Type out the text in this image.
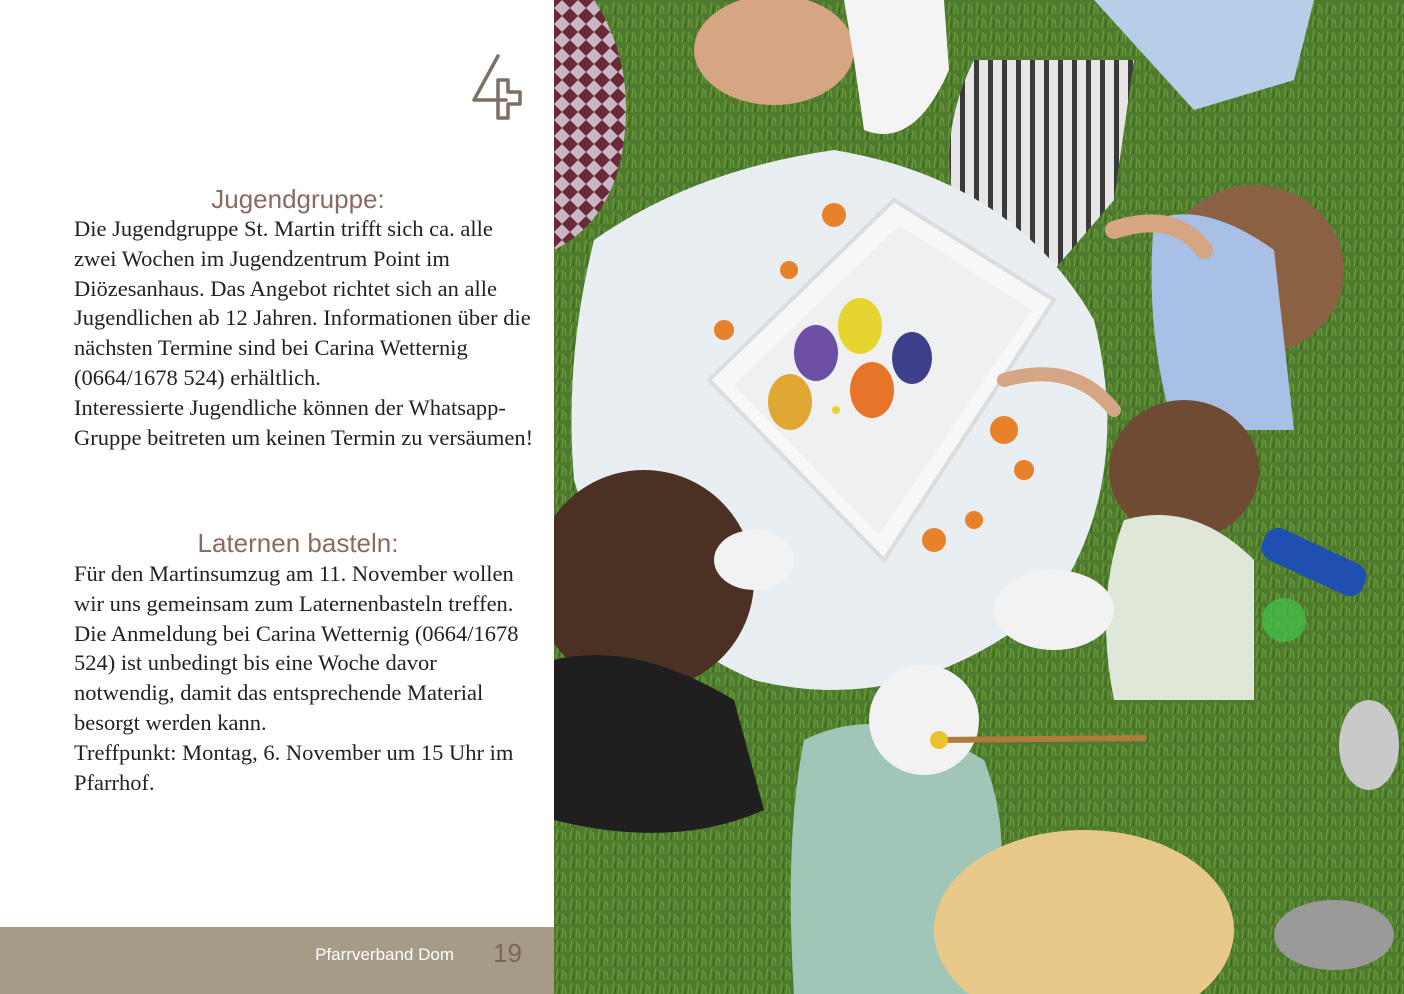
Jugendgruppe:

Die Jugendgruppe St. Martin trifft sich ca. alle zwei Wochen im Jugendzentrum Point im Diözesanhaus. Das Angebot richtet sich an alle Jugendlichen ab 12 Jahren. Informationen über die nächsten Termine sind bei Carina Wetternig (0664/1678 524) erhältlich.

Interessierte Jugendliche können der Whatsapp-Gruppe beitreten um keinen Termin zu versäumen!

Laternen basteln:

Für den Martinsumzug am 11. November wollen wir uns gemeinsam zum Laternenbasteln treffen.

Die Anmeldung bei Carina Wetternig (0664/1678 524) ist unbedingt bis eine Woche davor notwendig, damit das entsprechende Material besorgt werden kann.

Treffpunkt: Montag, 6. November um 15 Uhr im Pfarrhof.

Pfarrverband Dom 19
